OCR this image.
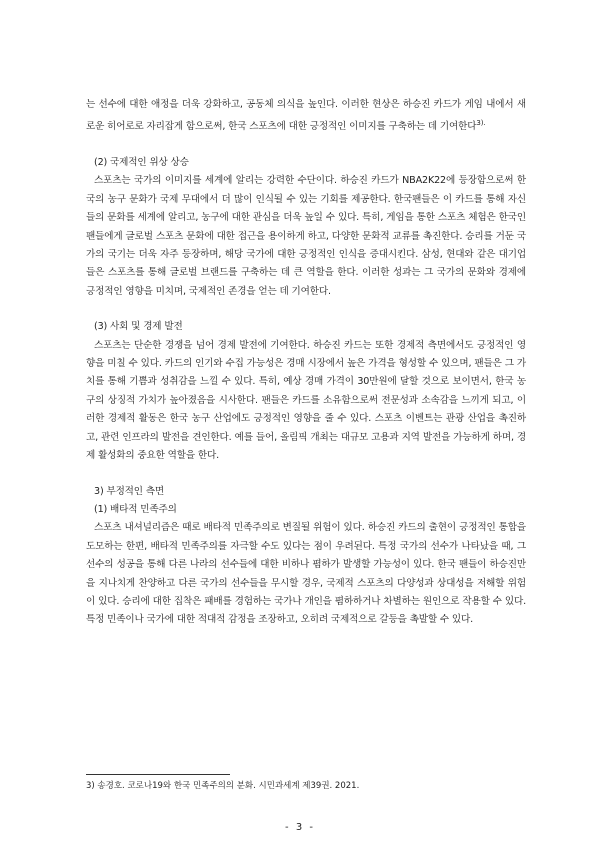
는 선수에 대한 애정을 더욱 강화하고, 공동체 의식을 높인다. 이러한 현상은 하승진 카드가 게임 내에서 새로운 히어로로 자리잡게 함으로써, 한국 스포츠에 대한 긍정적인 이미지를 구축하는 데 기여한다$^{3).}$

(2) 국제적인 위상 상승

스포츠는 국가의 이미지를 세계에 알리는 강력한 수단이다. 하승진 카드가 NBA2K22에 등장함으로써 한국의 농구 문화가 국제 무대에서 더 많이 인식될 수 있는 기회를 제공한다. 한국팬들은 이 카드를 통해 자신들의 문화를 세계에 알리고, 농구에 대한 관심을 더욱 높일 수 있다. 특히, 게임을 통한 스포츠 체험은 한국인 팬들에게 글로벌 스포츠 문화에 대한 접근을 용이하게 하고, 다양한 문화적 교류를 촉진한다. 승리를 거둔 국가의 국기는 더욱 자주 등장하며, 해당 국가에 대한 긍정적인 인식을 증대시킨다. 삼성, 현대와 같은 대기업들은 스포츠를 통해 글로벌 브랜드를 구축하는 데 큰 역할을 한다. 이러한 성과는 그 국가의 문화와 경제에 긍정적인 영향을 미치며, 국제적인 존경을 얻는 데 기여한다.

(3) 사회 및 경제 발전

스포츠는 단순한 경쟁을 넘어 경제 발전에 기여한다. 하승진 카드는 또한 경제적 측면에서도 긍정적인 영향을 미칠 수 있다. 카드의 인기와 수집 가능성은 경매 시장에서 높은 가격을 형성할 수 있으며, 팬들은 그 가치를 통해 기쁨과 성취감을 느낄 수 있다. 특히, 예상 경매 가격이 30만원에 달할 것으로 보이면서, 한국 농구의 상징적 가치가 높아졌음을 시사한다. 팬들은 카드를 소유함으로써 전문성과 소속감을 느끼게 되고, 이러한 경제적 활동은 한국 농구 산업에도 긍정적인 영향을 줄 수 있다. 스포츠 이벤트는 관광 산업을 촉진하고, 관련 인프라의 발전을 견인한다. 예를 들어, 올림픽 개최는 대규모 고용과 지역 발전을 가능하게 하며, 경제 활성화의 중요한 역할을 한다.

3) 부정적인 측면

(1) 배타적 민족주의

스포츠 내셔널리즘은 때로 배타적 민족주의로 변질될 위험이 있다. 하승진 카드의 출현이 긍정적인 통합을 도모하는 한편, 배타적 민족주의를 자극할 수도 있다는 점이 우려된다. 특정 국가의 선수가 나타났을 때, 그 선수의 성공을 통해 다른 나라의 선수들에 대한 비하나 폄하가 발생할 가능성이 있다. 한국 팬들이 하승진만을 지나치게 찬양하고 다른 국가의 선수들을 무시할 경우, 국제적 스포츠의 다양성과 상대성을 저해할 위험이 있다. 승리에 대한 집착은 패배를 경험하는 국가나 개인을 폄하하거나 차별하는 원인으로 작용할 수 있다. 특정 민족이나 국가에 대한 적대적 감정을 조장하고, 오히려 국제적으로 갈등을 촉발할 수 있다.

3) 송경호. 코로나19와 한국 민족주의의 분화. 시민과세계 제39권. 2021.
- 3 -
